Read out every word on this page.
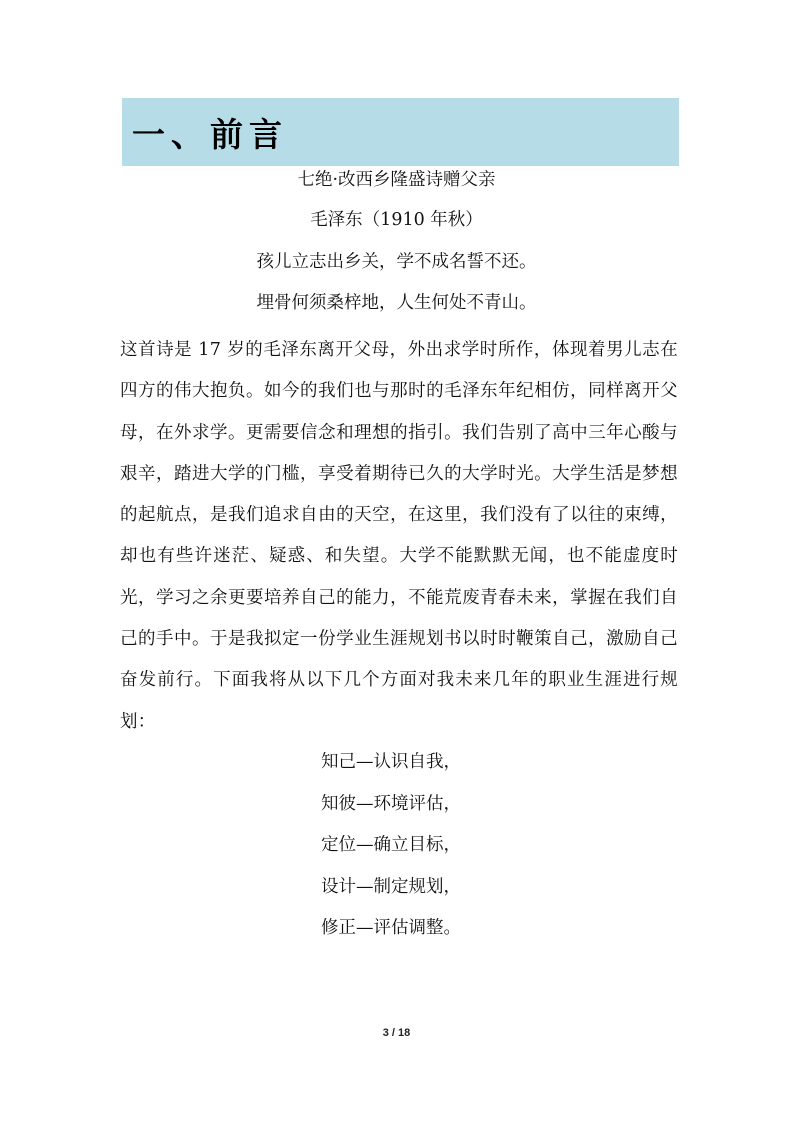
一、前言
七绝·改西乡隆盛诗赠父亲
毛泽东（1910 年秋）
孩儿立志出乡关，学不成名誓不还。
埋骨何须桑梓地，人生何处不青山。

这首诗是 17 岁的毛泽东离开父母，外出求学时所作，体现着男儿志在四方的伟大抱负。如今的我们也与那时的毛泽东年纪相仿，同样离开父母，在外求学。更需要信念和理想的指引。我们告别了高中三年心酸与艰辛，踏进大学的门槛，享受着期待已久的大学时光。大学生活是梦想的起航点，是我们追求自由的天空，在这里，我们没有了以往的束缚，却也有些许迷茫、疑惑、和失望。大学不能默默无闻，也不能虚度时光，学习之余更要培养自己的能力，不能荒废青春未来，掌握在我们自己的手中。于是我拟定一份学业生涯规划书以时时鞭策自己，激励自己奋发前行。下面我将从以下几个方面对我未来几年的职业生涯进行规划：

知己—认识自我，
知彼—环境评估，
定位—确立目标，
设计—制定规划，
修正—评估调整。
3 / 18
